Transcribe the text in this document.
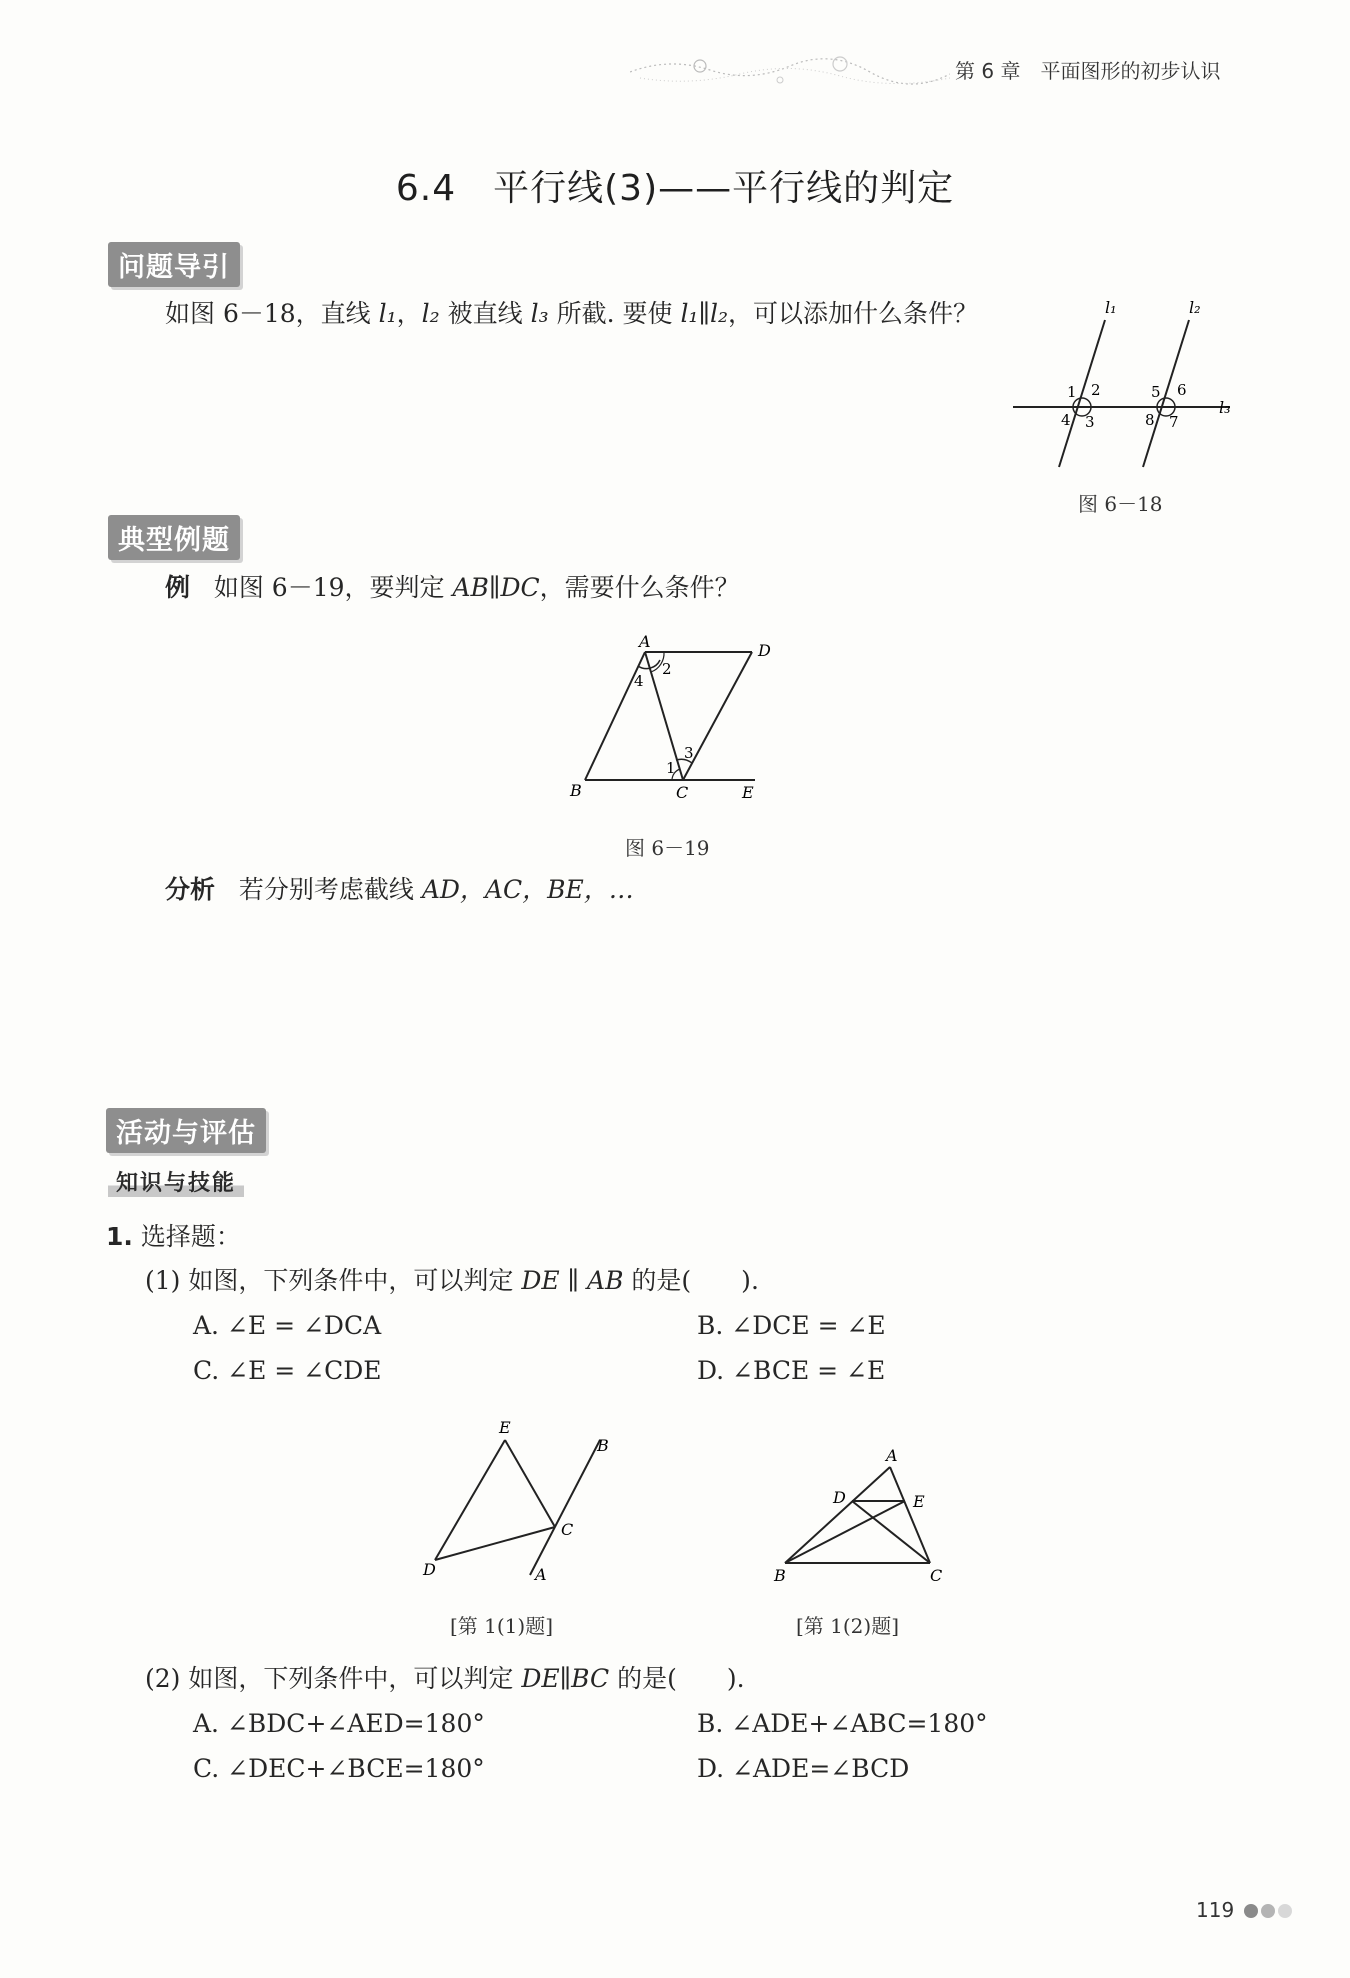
第 6 章　平面图形的初步认识
6.4　平行线(3)——平行线的判定
问题导引
如图 6－18，直线 l₁，l₂ 被直线 l₃ 所截. 要使 l₁∥l₂，可以添加什么条件？	l₁	l₂
l₃
1 2
3
4
5 6
7
8
图 6－18
典型例题
例 如图 6－19，要判定 AB∥DC，需要什么条件？
A	D
B	C	E
2
4
3
1
图 6－19
分析 若分别考虑截线 AD，AC，BE，…
活动与评估
知识与技能
1. 选择题：
(1) 如图，下列条件中，可以判定 DE ∥ AB 的是(　　).
A. ∠E = ∠DCA	B. ∠DCE = ∠E
C. ∠E = ∠CDE	D. ∠BCE = ∠E
E
B
C
D	A
[第 1(1)题]
A
D	E
B	C
[第 1(2)题]
(2) 如图，下列条件中，可以判定 DE∥BC 的是(　　).
A. ∠BDC+∠AED=180°	B. ∠ADE+∠ABC=180°
C. ∠DEC+∠BCE=180°	D. ∠ADE=∠BCD
119
